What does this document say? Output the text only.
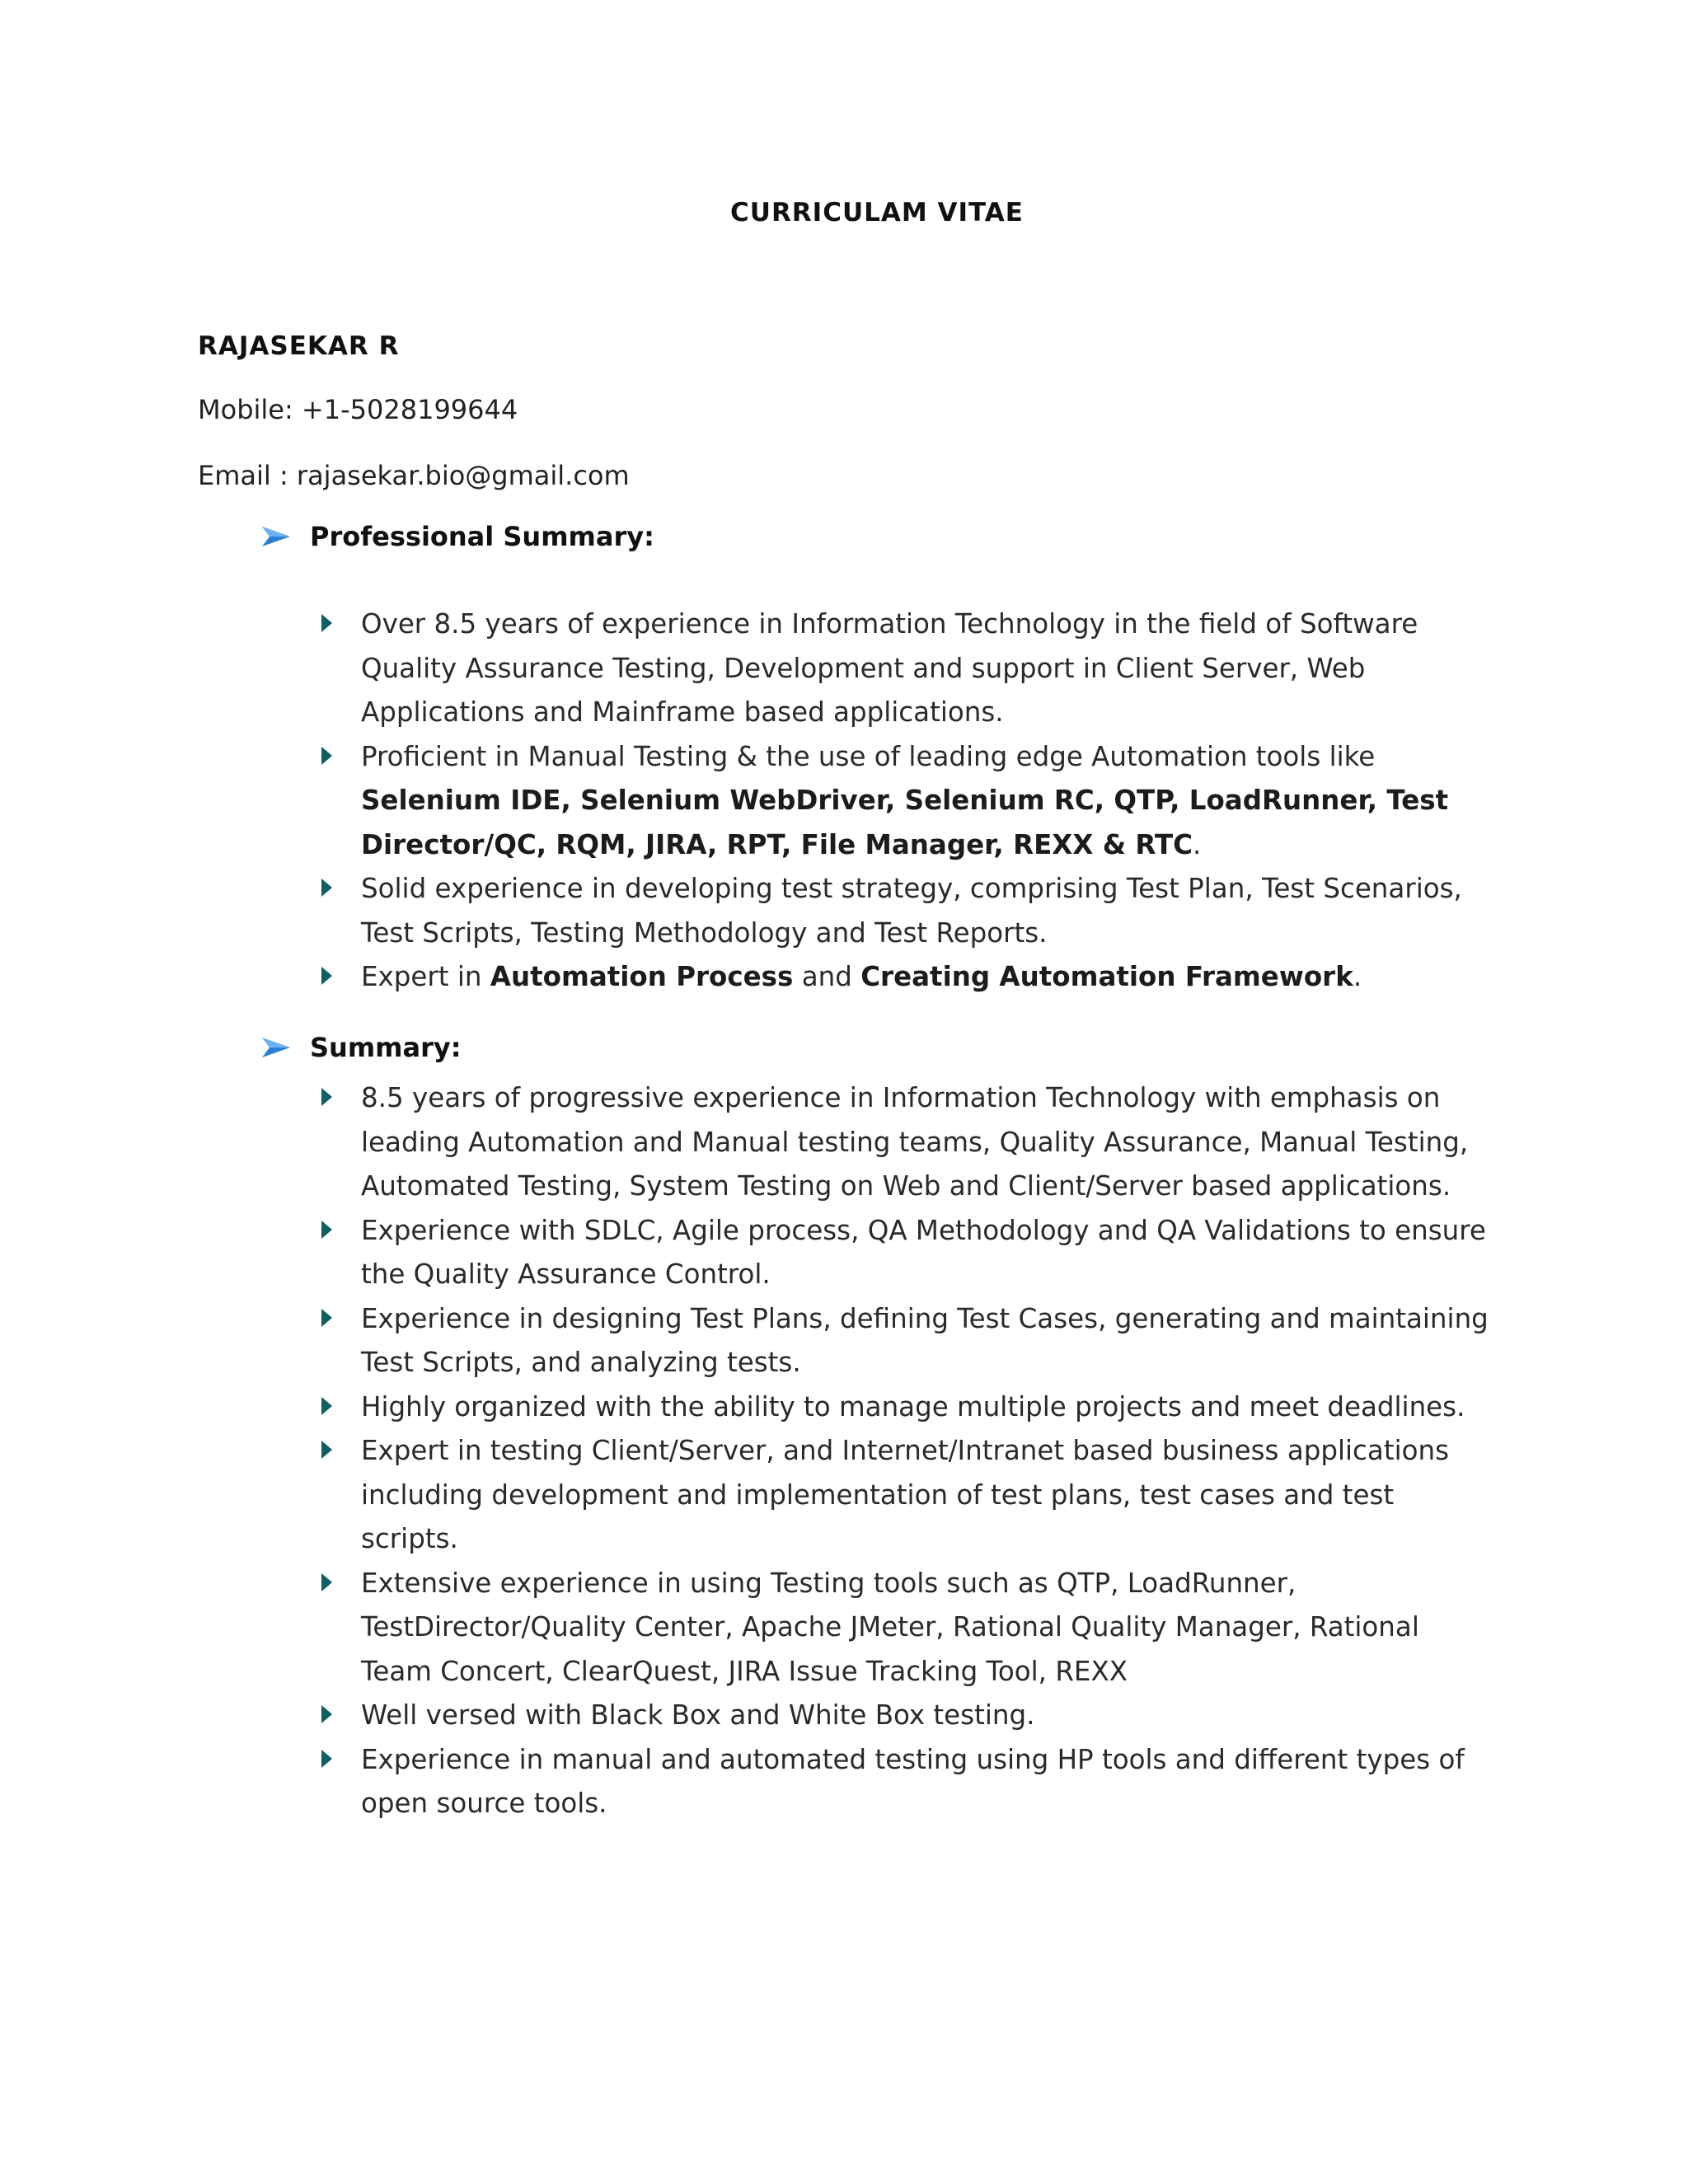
CURRICULAM VITAE
RAJASEKAR R
Mobile: +1-5028199644
Email : rajasekar.bio@gmail.com
Professional Summary:
Over 8.5 years of experience in Information Technology in the field of Software Quality Assurance Testing, Development and support in Client Server, Web Applications and Mainframe based applications.
Proficient in Manual Testing & the use of leading edge Automation tools like Selenium IDE, Selenium WebDriver, Selenium RC, QTP, LoadRunner, Test Director/QC, RQM, JIRA, RPT, File Manager, REXX & RTC.
Solid experience in developing test strategy, comprising Test Plan, Test Scenarios, Test Scripts, Testing Methodology and Test Reports.
Expert in Automation Process and Creating Automation Framework.
Summary:
8.5 years of progressive experience in Information Technology with emphasis on leading Automation and Manual testing teams, Quality Assurance, Manual Testing, Automated Testing, System Testing on Web and Client/Server based applications.
Experience with SDLC, Agile process, QA Methodology and QA Validations to ensure the Quality Assurance Control.
Experience in designing Test Plans, defining Test Cases, generating and maintaining Test Scripts, and analyzing tests.
Highly organized with the ability to manage multiple projects and meet deadlines.
Expert in testing Client/Server, and Internet/Intranet based business applications including development and implementation of test plans, test cases and test scripts.
Extensive experience in using Testing tools such as QTP, LoadRunner, TestDirector/Quality Center, Apache JMeter, Rational Quality Manager, Rational Team Concert, ClearQuest, JIRA Issue Tracking Tool, REXX
Well versed with Black Box and White Box testing.
Experience in manual and automated testing using HP tools and different types of open source tools.
